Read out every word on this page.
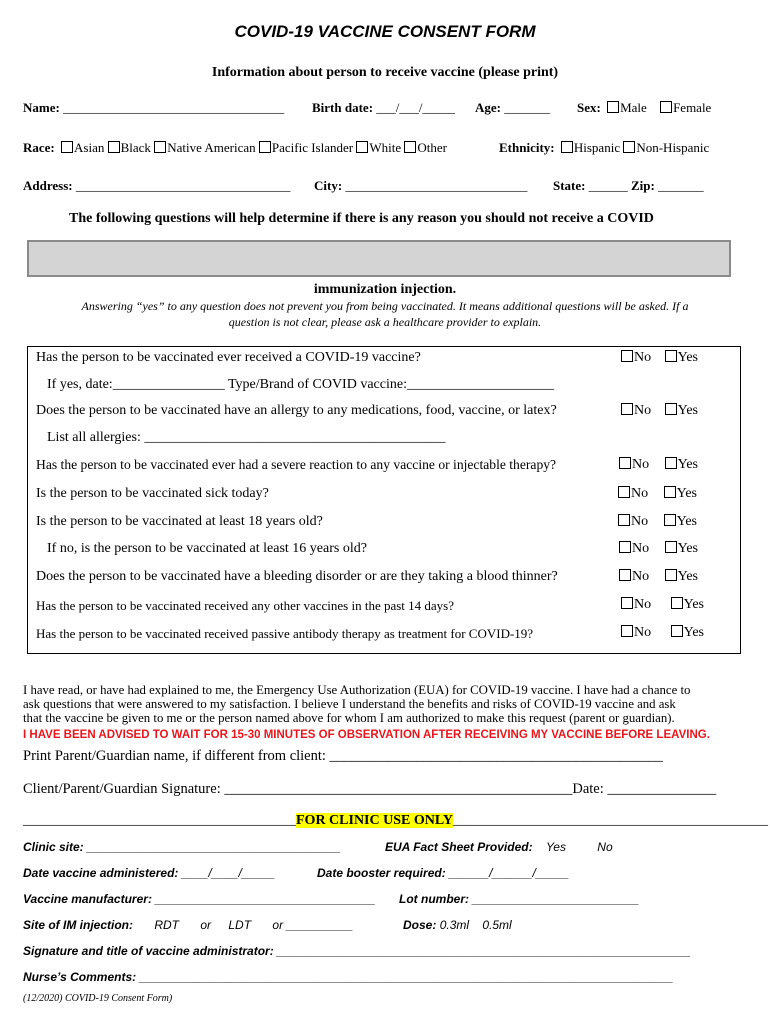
COVID-19 VACCINE CONSENT FORM
Information about person to receive vaccine (please print)
Name: __________________________________ Birth date: ___/___/_____ Age: _______ Sex: Male Female
Race: Asian Black Native American Pacific Islander White Other	Ethnicity: Hispanic Non-Hispanic
Address: _________________________________ City: ____________________________ State: ______ Zip: _______
The following questions will help determine if there is any reason you should not receive a COVID
immunization injection.
Answering “yes” to any question does not prevent you from being vaccinated. It means additional questions will be asked. If a
question is not clear, please ask a healthcare provider to explain.
Has the person to be vaccinated ever received a COVID-19 vaccine?	No Yes
If yes, date:________________ Type/Brand of COVID vaccine:_____________________
Does the person to be vaccinated have an allergy to any medications, food, vaccine, or latex?	No Yes
List all allergies: ___________________________________________
Has the person to be vaccinated ever had a severe reaction to any vaccine or injectable therapy?	No Yes
Is the person to be vaccinated sick today?	No Yes
Is the person to be vaccinated at least 18 years old?	No Yes
If no, is the person to be vaccinated at least 16 years old?	No Yes
Does the person to be vaccinated have a bleeding disorder or are they taking a blood thinner?	No Yes
Has the person to be vaccinated received any other vaccines in the past 14 days?	No Yes
Has the person to be vaccinated received passive antibody therapy as treatment for COVID-19?	No Yes
I have read, or have had explained to me, the Emergency Use Authorization (EUA) for COVID-19 vaccine. I have had a chance to
ask questions that were answered to my satisfaction. I believe I understand the benefits and risks of COVID-19 vaccine and ask
that the vaccine be given to me or the person named above for whom I am authorized to make this request (parent or guardian).
I HAVE BEEN ADVISED TO WAIT FOR 15-30 MINUTES OF OBSERVATION AFTER RECEIVING MY VACCINE BEFORE LEAVING.
Print Parent/Guardian name, if different from client: ______________________________________________
Client/Parent/Guardian Signature: ________________________________________________Date: _______________
_______________________________________FOR CLINIC USE ONLY_____________________________________________
Clinic site: ______________________________________	EUA Fact Sheet Provided: Yes	No
Date vaccine administered: ____/____/_____	Date booster required: ______/______/_____
Vaccine manufacturer: _________________________________ Lot number: _________________________
Site of IM injection: RDT or LDT or __________	Dose: 0.3ml 0.5ml
Signature and title of vaccine administrator: ______________________________________________________________
Nurse’s Comments: ________________________________________________________________________________
(12/2020) COVID-19 Consent Form)
